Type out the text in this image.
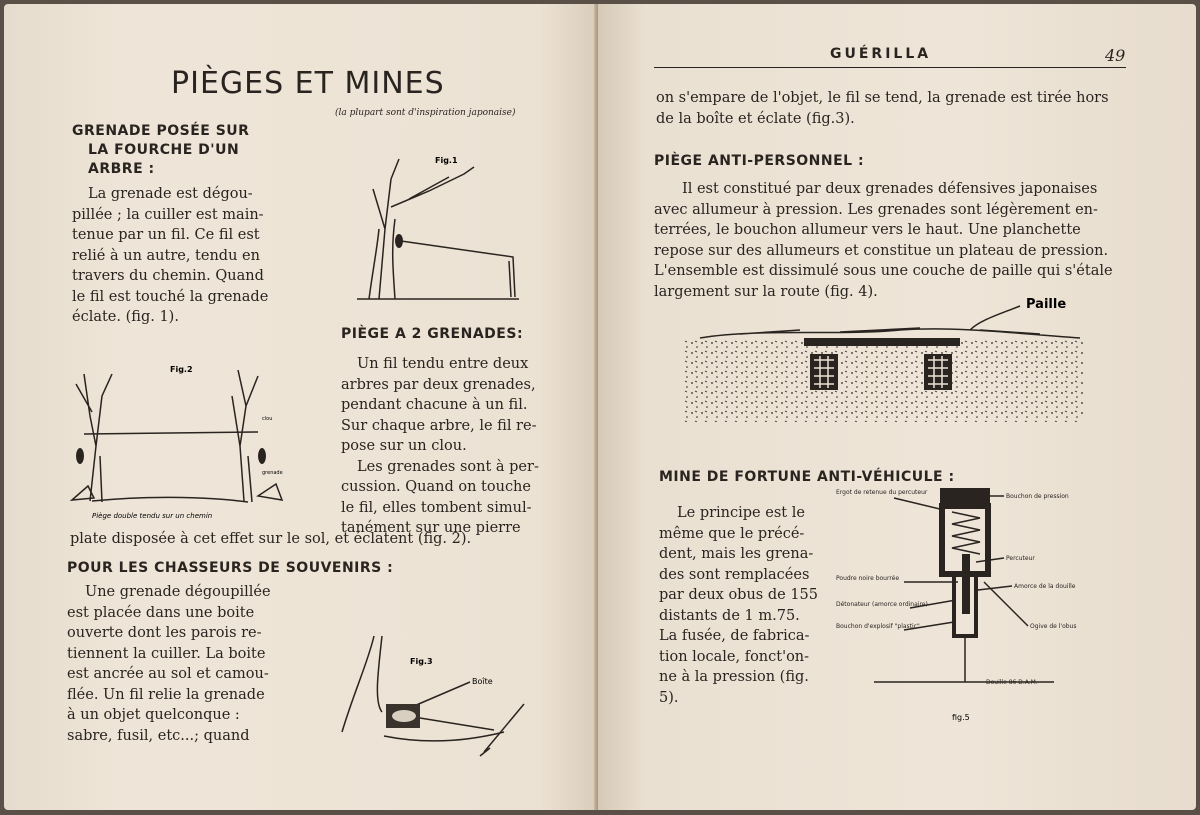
PIÈGES ET MINES
(la plupart sont d'inspiration japonaise)
GRENADE POSÉE SUR
LA FOURCHE D'UN
ARBRE :
La grenade est dégou-
pillée ; la cuiller est main-
tenue par un fil. Ce fil est
relié à un autre, tendu en
travers du chemin. Quand
le fil est touché la grenade
éclate. (fig. 1).
Fig.1
PIÈGE A 2 GRENADES:
Un fil tendu entre deux
arbres par deux grenades,
pendant chacune à un fil.
Sur chaque arbre, le fil re-
pose sur un clou.
Les grenades sont à per-
cussion. Quand on touche
le fil, elles tombent simul-
tanément sur une pierre
plate disposée à cet effet sur le sol, et éclatent (fig. 2).
Fig.2
clou
grenade
Piège double tendu sur un chemin
POUR LES CHASSEURS DE SOUVENIRS :
Une grenade dégoupillée
est placée dans une boite
ouverte dont les parois re-
tiennent la cuiller. La boite
est ancrée au sol et camou-
flée. Un fil relie la grenade
à un objet quelconque :
sabre, fusil, etc...; quand
Fig.3
Boîte
GUÉRILLA	49
on s'empare de l'objet, le fil se tend, la grenade est tirée hors
de la boîte et éclate (fig.3).
PIÈGE ANTI-PERSONNEL :
Il est constitué par deux grenades défensives japonaises
avec allumeur à pression. Les grenades sont légèrement en-
terrées, le bouchon allumeur vers le haut. Une planchette
repose sur des allumeurs et constitue un plateau de pression.
L'ensemble est dissimulé sous une couche de paille qui s'étale
largement sur la route (fig. 4).
Paille
MINE DE FORTUNE ANTI-VÉHICULE :
Le principe est le
même que le précé-
dent, mais les grena-
des sont remplacées
par deux obus de 155
distants de 1 m.75.
La fusée, de fabrica-
tion locale, fonct'on-
ne à la pression (fig.
5).
Ergot de retenue du percuteur
Bouchon de pression
Percuteur
Poudre noire bourrée
Amorce de la douille
Détonateur (amorce ordinaire)
Ogive de l'obus
Bouchon d'explosif "plastic"
Douille 86 D.A.M.
fig.5
